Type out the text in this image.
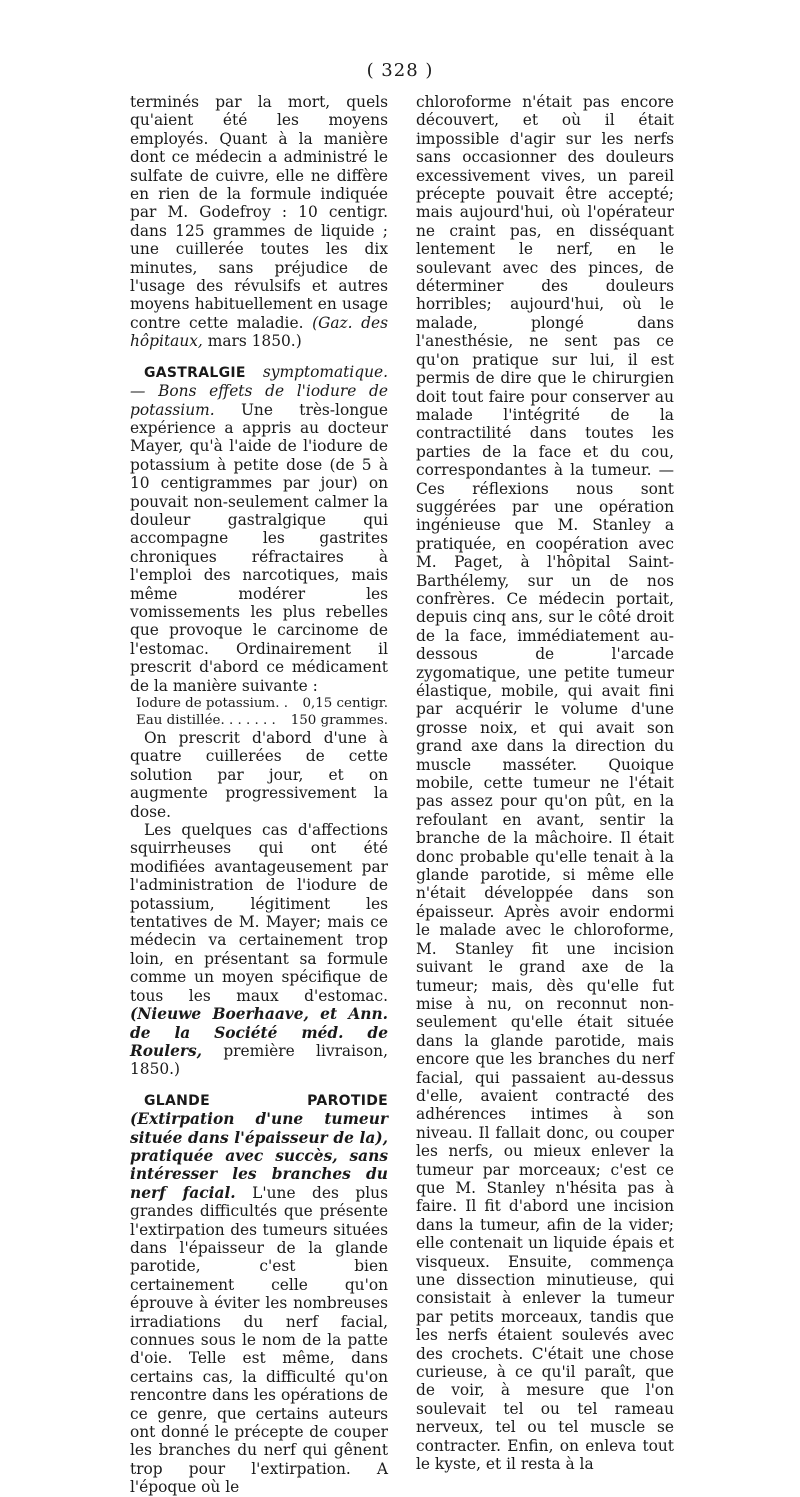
( 328 )

terminés par la mort, quels qu'aient été les moyens employés. Quant à la manière dont ce médecin a administré le sulfate de cuivre, elle ne diffère en rien de la formule indiquée par M. Godefroy : 10 centigr. dans 125 grammes de liquide ; une cuillerée toutes les dix minutes, sans préjudice de l'usage des révulsifs et autres moyens habituellement en usage contre cette maladie. (Gaz. des hôpitaux, mars 1850.)

GASTRALGIE symptomatique. — Bons effets de l'iodure de potassium. Une très-longue expérience a appris au docteur Mayer, qu'à l'aide de l'iodure de potassium à petite dose (de 5 à 10 centigrammes par jour) on pouvait non-seulement calmer la douleur gastralgique qui accompagne les gastrites chroniques réfractaires à l'emploi des narcotiques, mais même modérer les vomissements les plus rebelles que provoque le carcinome de l'estomac. Ordinairement il prescrit d'abord ce médicament de la manière suivante :

Iodure de potassium. .	0,15 centigr.
Eau distillée. . . . . . .	150 grammes.

On prescrit d'abord d'une à quatre cuillerées de cette solution par jour, et on augmente progressivement la dose.

Les quelques cas d'affections squirrheuses qui ont été modifiées avantageusement par l'administration de l'iodure de potassium, légitiment les tentatives de M. Mayer; mais ce médecin va certainement trop loin, en présentant sa formule comme un moyen spécifique de tous les maux d'estomac. (Nieuwe Boerhaave, et Ann. de la Société méd. de Roulers, première livraison, 1850.)

GLANDE PAROTIDE (Extirpation d'une tumeur située dans l'épaisseur de la), pratiquée avec succès, sans intéresser les branches du nerf facial. L'une des plus grandes difficultés que présente l'extirpation des tumeurs situées dans l'épaisseur de la glande parotide, c'est bien certainement celle qu'on éprouve à éviter les nombreuses irradiations du nerf facial, connues sous le nom de la patte d'oie. Telle est même, dans certains cas, la difficulté qu'on rencontre dans les opérations de ce genre, que certains auteurs ont donné le précepte de couper les branches du nerf qui gênent trop pour l'extirpation. A l'époque où le

chloroforme n'était pas encore découvert, et où il était impossible d'agir sur les nerfs sans occasionner des douleurs excessivement vives, un pareil précepte pouvait être accepté; mais aujourd'hui, où l'opérateur ne craint pas, en disséquant lentement le nerf, en le soulevant avec des pinces, de déterminer des douleurs horribles; aujourd'hui, où le malade, plongé dans l'anesthésie, ne sent pas ce qu'on pratique sur lui, il est permis de dire que le chirurgien doit tout faire pour conserver au malade l'intégrité de la contractilité dans toutes les parties de la face et du cou, correspondantes à la tumeur. — Ces réflexions nous sont suggérées par une opération ingénieuse que M. Stanley a pratiquée, en coopération avec M. Paget, à l'hôpital Saint-Barthélemy, sur un de nos confrères. Ce médecin portait, depuis cinq ans, sur le côté droit de la face, immédiatement au-dessous de l'arcade zygomatique, une petite tumeur élastique, mobile, qui avait fini par acquérir le volume d'une grosse noix, et qui avait son grand axe dans la direction du muscle masséter. Quoique mobile, cette tumeur ne l'était pas assez pour qu'on pût, en la refoulant en avant, sentir la branche de la mâchoire. Il était donc probable qu'elle tenait à la glande parotide, si même elle n'était développée dans son épaisseur. Après avoir endormi le malade avec le chloroforme, M. Stanley fit une incision suivant le grand axe de la tumeur; mais, dès qu'elle fut mise à nu, on reconnut non-seulement qu'elle était située dans la glande parotide, mais encore que les branches du nerf facial, qui passaient au-dessus d'elle, avaient contracté des adhérences intimes à son niveau. Il fallait donc, ou couper les nerfs, ou mieux enlever la tumeur par morceaux; c'est ce que M. Stanley n'hésita pas à faire. Il fit d'abord une incision dans la tumeur, afin de la vider; elle contenait un liquide épais et visqueux. Ensuite, commença une dissection minutieuse, qui consistait à enlever la tumeur par petits morceaux, tandis que les nerfs étaient soulevés avec des crochets. C'était une chose curieuse, à ce qu'il paraît, que de voir, à mesure que l'on soulevait tel ou tel rameau nerveux, tel ou tel muscle se contracter. Enfin, on enleva tout le kyste, et il resta à la
